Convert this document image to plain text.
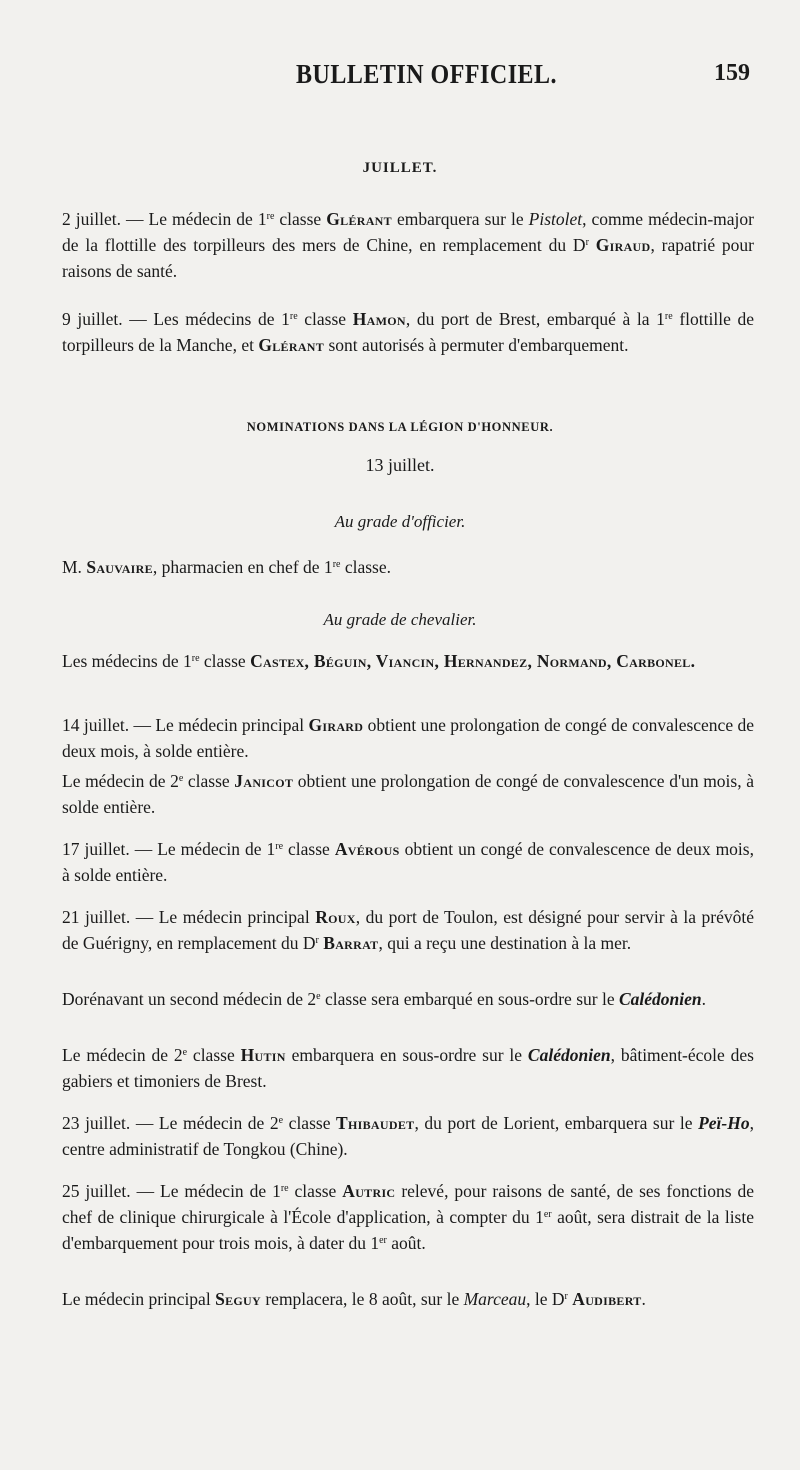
BULLETIN OFFICIEL.	159
JUILLET.
2 juillet. — Le médecin de 1re classe Glérant embarquera sur le Pistolet, comme médecin-major de la flottille des torpilleurs des mers de Chine, en remplacement du $D^r$ Giraud, rapatrié pour raisons de santé.
9 juillet. — Les médecins de 1re classe Hamon, du port de Brest, embarqué à la 1re flottille de torpilleurs de la Manche, et Glérant sont autorisés à permuter d'embarquement.
NOMINATIONS DANS LA LÉGION D'HONNEUR.
13 juillet.
Au grade d'officier.
M. Sauvaire, pharmacien en chef de 1re classe.
Au grade de chevalier.
Les médecins de 1re classe Castex, Béguin, Viancin, Hernandez, Normand, Carbonel.
14 juillet. — Le médecin principal Girard obtient une prolongation de congé de convalescence de deux mois, à solde entière.
Le médecin de 2e classe Janicot obtient une prolongation de congé de convalescence d'un mois, à solde entière.
17 juillet. — Le médecin de 1re classe Avérous obtient un congé de convalescence de deux mois, à solde entière.
21 juillet. — Le médecin principal Roux, du port de Toulon, est désigné pour servir à la prévôté de Guérigny, en remplacement du $D^r$ Barrat, qui a reçu une destination à la mer.
Dorénavant un second médecin de 2e classe sera embarqué en sous-ordre sur le Calédonien.
Le médecin de 2e classe Hutin embarquera en sous-ordre sur le Calédonien, bâtiment-école des gabiers et timoniers de Brest.
23 juillet. — Le médecin de 2e classe Thibaudet, du port de Lorient, embarquera sur le Peï-Ho, centre administratif de Tongkou (Chine).
25 juillet. — Le médecin de 1re classe Autric relevé, pour raisons de santé, de ses fonctions de chef de clinique chirurgicale à l'École d'application, à compter du 1er août, sera distrait de la liste d'embarquement pour trois mois, à dater du 1er août.
Le médecin principal Seguy remplacera, le 8 août, sur le Marceau, le $D^r$ Audibert.
